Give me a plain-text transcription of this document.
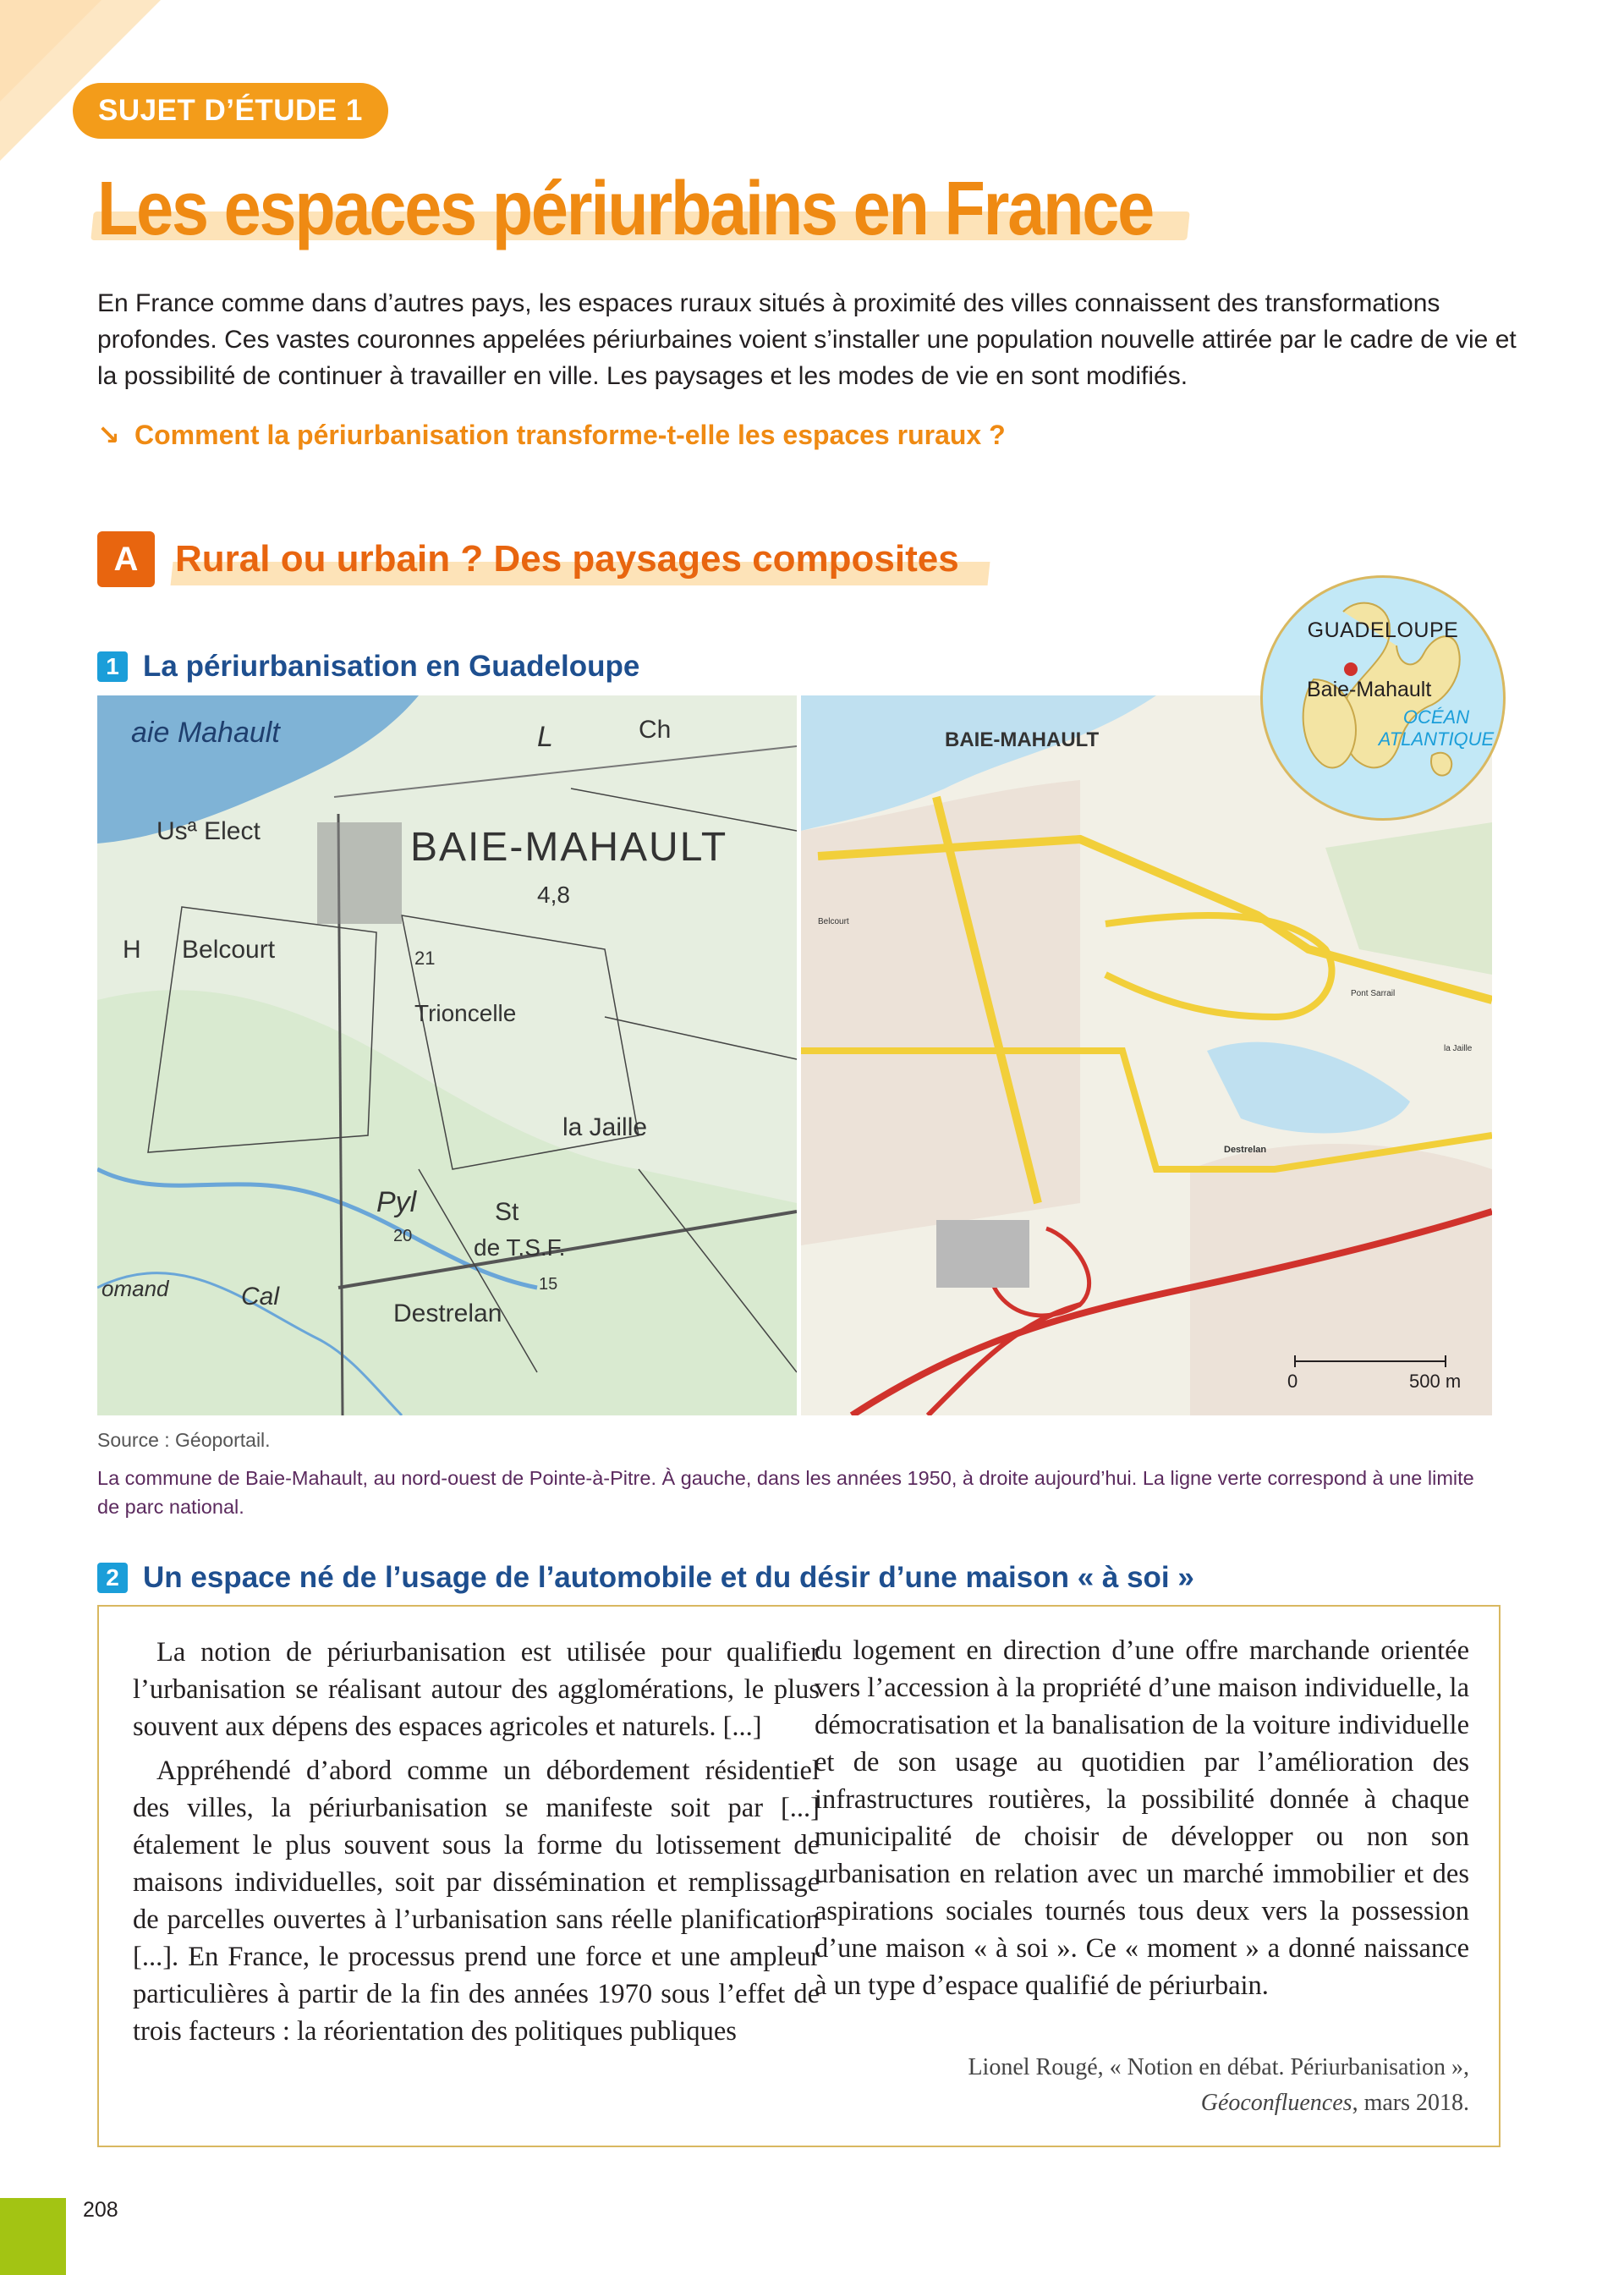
SUJET D’ÉTUDE 1
Les espaces périurbains en France

En France comme dans d’autres pays, les espaces ruraux situés à proximité des villes connaissent des transformations profondes. Ces vastes couronnes appelées périurbaines voient s’installer une population nouvelle attirée par le cadre de vie et la possibilité de continuer à travailler en ville. Les paysages et les modes de vie en sont modifiés.

↘ Comment la périurbanisation transforme-t-elle les espaces ruraux ?
A Rural ou urbain ? Des paysages composites
1 La périurbanisation en Guadeloupe
aie Mahault
Usª Elect	BAIE-MAHAULT
4,8
H Belcourt	21
Trioncelle
la Jaille
Pyl	St
20	de T.S.F.
15
Destrelan
omand	Cal
L	Ch	BAIE-MAHAULT
Belcourt
Destrelan
la Jaille
Pont Sarrail
GUADELOUPE
Baie-Mahault
OCÉAN
ATLANTIQUE
0	500 m
Source : Géoportail.
La commune de Baie-Mahault, au nord-ouest de Pointe-à-Pitre. À gauche, dans les années 1950, à droite aujourd’hui. La ligne verte correspond à une limite de parc national.
2 Un espace né de l’usage de l’automobile et du désir d’une maison « à soi »

La notion de périurbanisation est utilisée pour qualifier l’urbanisation se réalisant autour des agglomérations, le plus souvent aux dépens des espaces agricoles et naturels. [...]

Appréhendé d’abord comme un débordement résidentiel des villes, la périurbanisation se manifeste soit par [...] étalement le plus souvent sous la forme du lotissement de maisons individuelles, soit par dissémination et remplissage de parcelles ouvertes à l’urbanisation sans réelle planification [...]. En France, le processus prend une force et une ampleur particulières à partir de la fin des années 1970 sous l’effet de trois facteurs : la réorientation des politiques publiques

du logement en direction d’une offre marchande orientée vers l’accession à la propriété d’une maison individuelle, la démocratisation et la banalisation de la voiture individuelle et de son usage au quotidien par l’amélioration des infrastructures routières, la possibilité donnée à chaque municipalité de choisir de développer ou non son urbanisation en relation avec un marché immobilier et des aspirations sociales tournés tous deux vers la possession d’une maison « à soi ». Ce « moment » a donné naissance à un type d’espace qualifié de périurbain.

Lionel Rougé, « Notion en débat. Périurbanisation »,
Géoconfluences, mars 2018.
208
